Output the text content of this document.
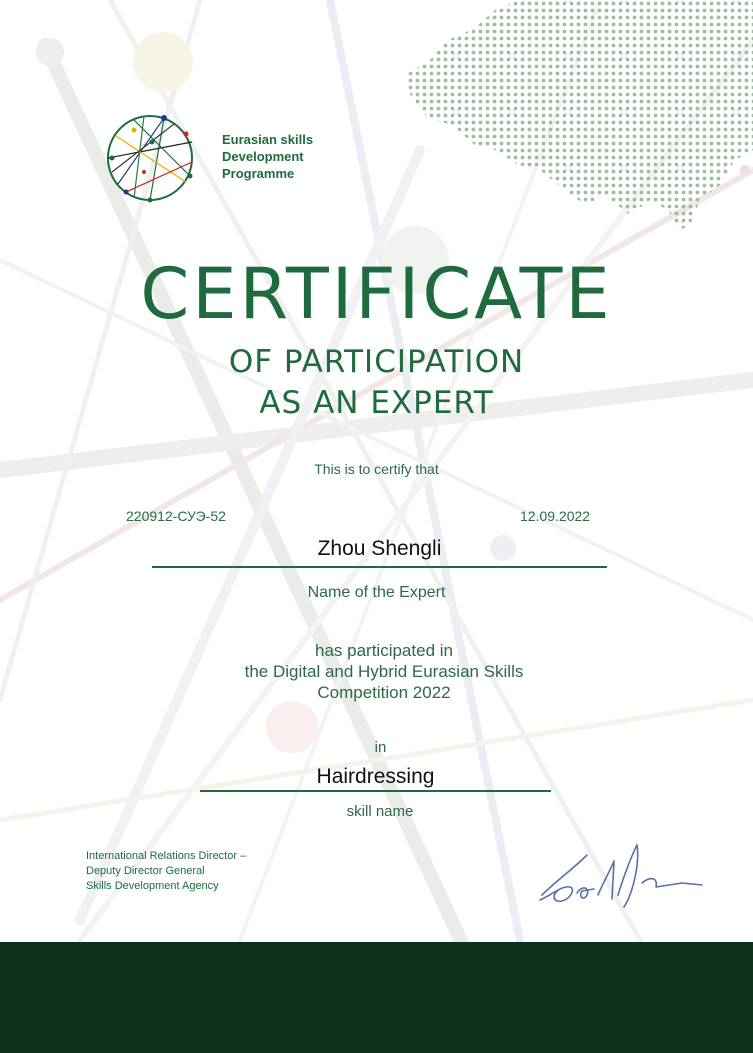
Eurasian skills
Development
Programme
CERTIFICATE
OF PARTICIPATION
AS AN EXPERT
This is to certify that
220912-СУЭ-52	12.09.2022
Zhou Shengli
Name of the Expert
has participated in
the Digital and Hybrid Eurasian Skills
Competition 2022
in
Hairdressing
skill name
International Relations Director –
Deputy Director General
Skills Development Agency
